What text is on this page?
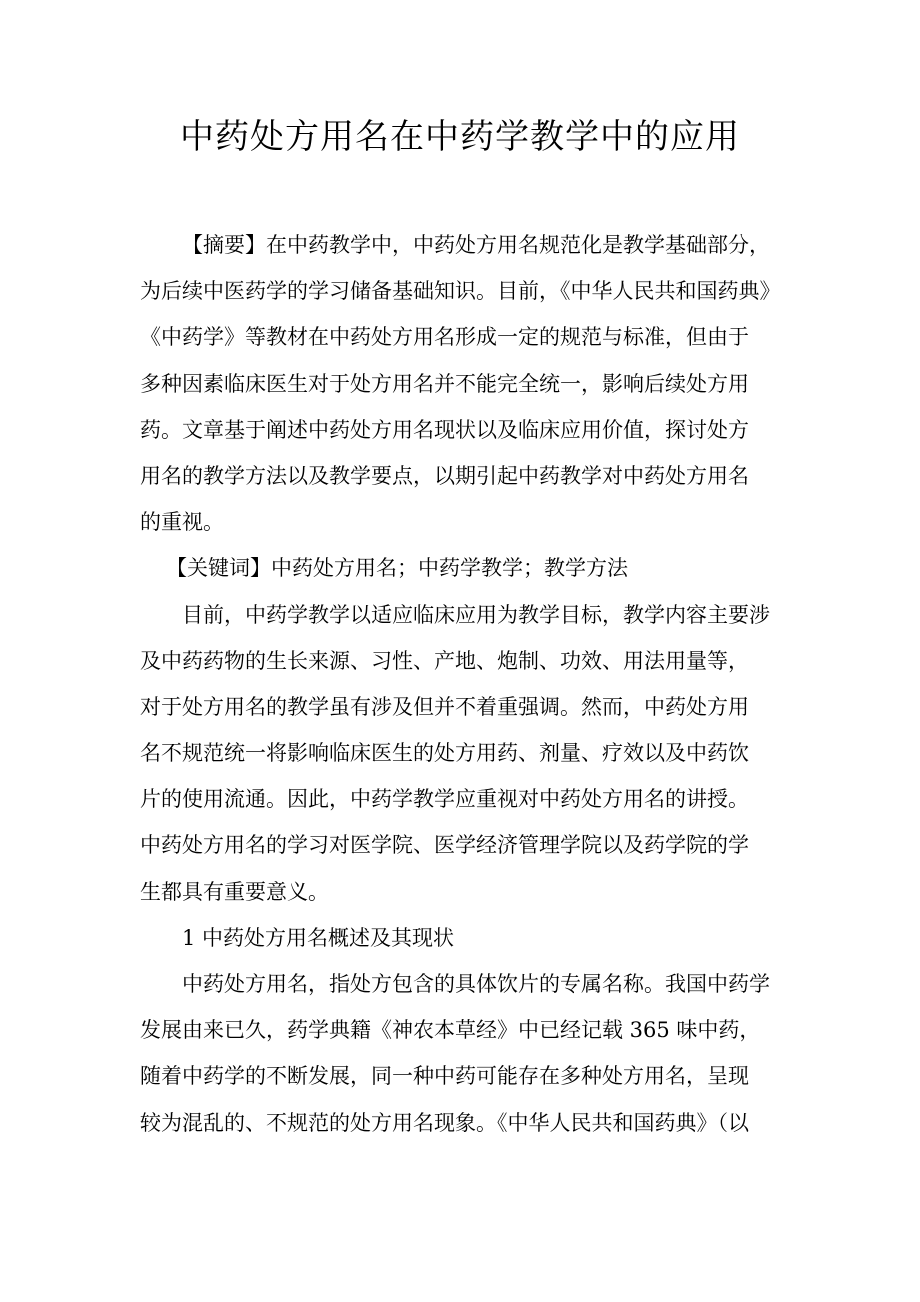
中药处方用名在中药学教学中的应用
【摘要】在中药教学中，中药处方用名规范化是教学基础部分，
为后续中医药学的学习储备基础知识。目前，《中华人民共和国药典》
《中药学》等教材在中药处方用名形成一定的规范与标准，但由于
多种因素临床医生对于处方用名并不能完全统一，影响后续处方用
药。文章基于阐述中药处方用名现状以及临床应用价值，探讨处方
用名的教学方法以及教学要点，以期引起中药教学对中药处方用名
的重视。
【关键词】中药处方用名；中药学教学；教学方法
目前，中药学教学以适应临床应用为教学目标，教学内容主要涉
及中药药物的生长来源、习性、产地、炮制、功效、用法用量等，
对于处方用名的教学虽有涉及但并不着重强调。然而，中药处方用
名不规范统一将影响临床医生的处方用药、剂量、疗效以及中药饮
片的使用流通。因此，中药学教学应重视对中药处方用名的讲授。
中药处方用名的学习对医学院、医学经济管理学院以及药学院的学
生都具有重要意义。
1 中药处方用名概述及其现状
中药处方用名，指处方包含的具体饮片的专属名称。我国中药学
发展由来已久，药学典籍《神农本草经》中已经记载 365 味中药，
随着中药学的不断发展，同一种中药可能存在多种处方用名，呈现
较为混乱的、不规范的处方用名现象。《中华人民共和国药典》（以
